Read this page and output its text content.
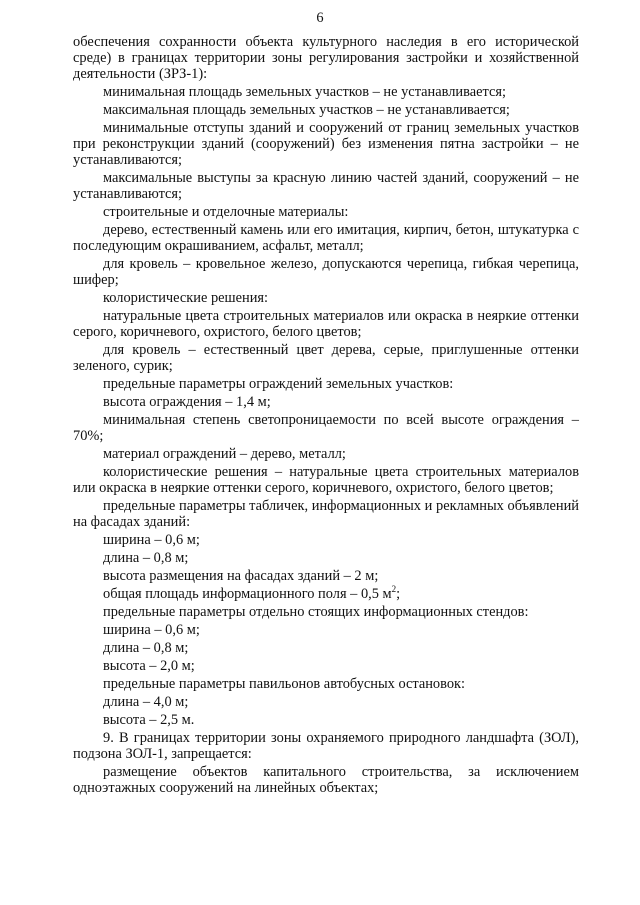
6

обеспечения сохранности объекта культурного наследия в его исторической среде) в границах территории зоны регулирования застройки и хозяйственной деятельности (ЗРЗ-1):

минимальная площадь земельных участков – не устанавливается;

максимальная площадь земельных участков – не устанавливается;

минимальные отступы зданий и сооружений от границ земельных участков при реконструкции зданий (сооружений) без изменения пятна застройки – не устанавливаются;

максимальные выступы за красную линию частей зданий, сооружений – не устанавливаются;

строительные и отделочные материалы:

дерево, естественный камень или его имитация, кирпич, бетон, штукатурка с последующим окрашиванием, асфальт, металл;

для кровель – кровельное железо, допускаются черепица, гибкая черепица, шифер;

колористические решения:

натуральные цвета строительных материалов или окраска в неяркие оттенки серого, коричневого, охристого, белого цветов;

для кровель – естественный цвет дерева, серые, приглушенные оттенки зеленого, сурик;

предельные параметры ограждений земельных участков:

высота ограждения – 1,4 м;

минимальная степень светопроницаемости по всей высоте ограждения – 70%;

материал ограждений – дерево, металл;

колористические решения – натуральные цвета строительных материалов или окраска в неяркие оттенки серого, коричневого, охристого, белого цветов;

предельные параметры табличек, информационных и рекламных объявлений на фасадах зданий:

ширина – 0,6 м;

длина – 0,8 м;

высота размещения на фасадах зданий – 2 м;

общая площадь информационного поля – 0,5 $м^2$;

предельные параметры отдельно стоящих информационных стендов:

ширина – 0,6 м;

длина – 0,8 м;

высота – 2,0 м;

предельные параметры павильонов автобусных остановок:

длина – 4,0 м;

высота – 2,5 м.

9. В границах территории зоны охраняемого природного ландшафта (ЗОЛ), подзона ЗОЛ-1, запрещается:

размещение объектов капитального строительства, за исключением одноэтажных сооружений на линейных объектах;
